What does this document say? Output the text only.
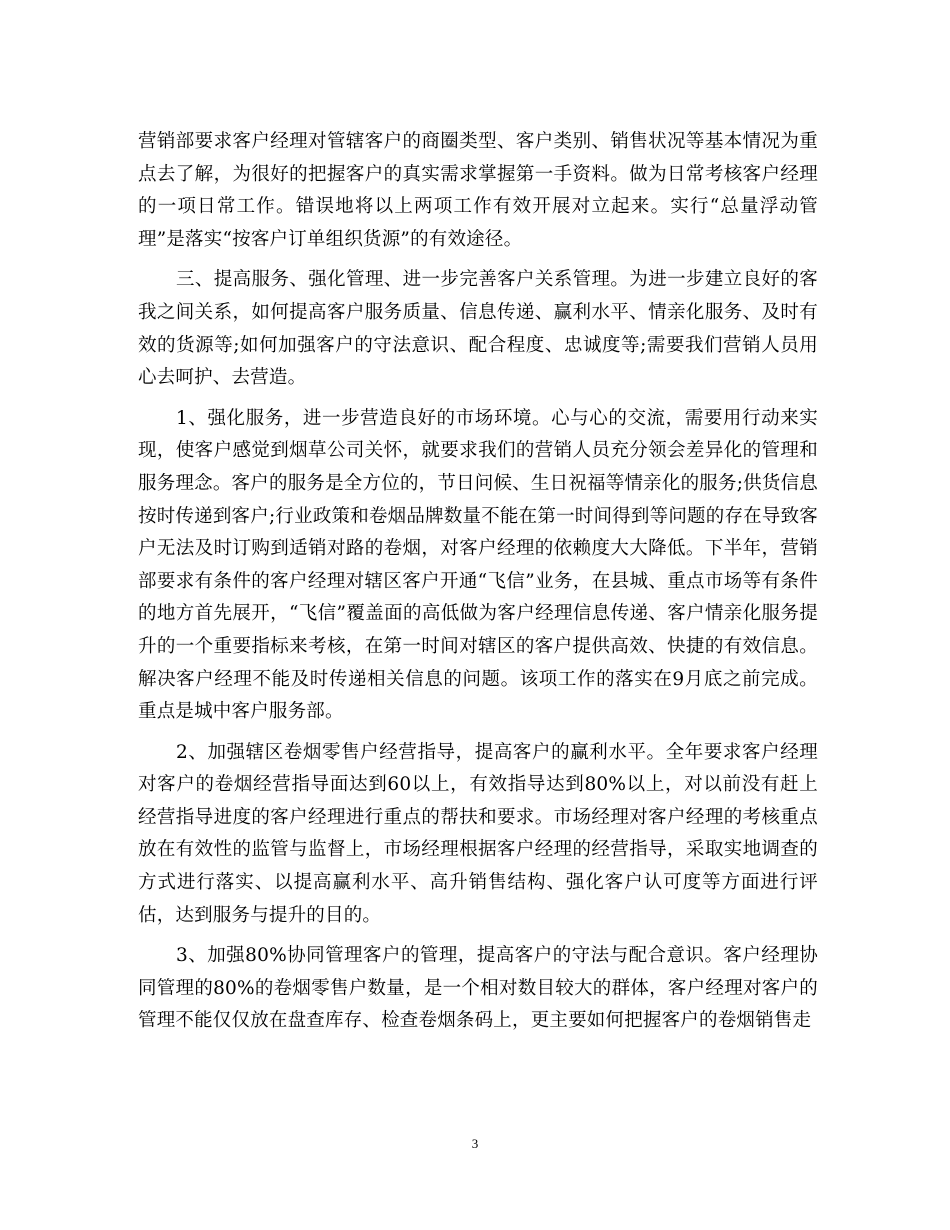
营销部要求客户经理对管辖客户的商圈类型、客户类别、销售状况等基本情况为重点去了解，为很好的把握客户的真实需求掌握第一手资料。做为日常考核客户经理的一项日常工作。错误地将以上两项工作有效开展对立起来。实行“总量浮动管理”是落实“按客户订单组织货源”的有效途径。

三、提高服务、强化管理、进一步完善客户关系管理。为进一步建立良好的客我之间关系，如何提高客户服务质量、信息传递、赢利水平、情亲化服务、及时有效的货源等;如何加强客户的守法意识、配合程度、忠诚度等;需要我们营销人员用心去呵护、去营造。

1、强化服务，进一步营造良好的市场环境。心与心的交流，需要用行动来实现，使客户感觉到烟草公司关怀，就要求我们的营销人员充分领会差异化的管理和服务理念。客户的服务是全方位的，节日问候、生日祝福等情亲化的服务;供货信息按时传递到客户;行业政策和卷烟品牌数量不能在第一时间得到等问题的存在导致客户无法及时订购到适销对路的卷烟，对客户经理的依赖度大大降低。下半年，营销部要求有条件的客户经理对辖区客户开通“飞信”业务，在县城、重点市场等有条件的地方首先展开，“飞信”覆盖面的高低做为客户经理信息传递、客户情亲化服务提升的一个重要指标来考核，在第一时间对辖区的客户提供高效、快捷的有效信息。解决客户经理不能及时传递相关信息的问题。该项工作的落实在9月底之前完成。重点是城中客户服务部。

2、加强辖区卷烟零售户经营指导，提高客户的赢利水平。全年要求客户经理对客户的卷烟经营指导面达到60以上，有效指导达到80%以上，对以前没有赶上经营指导进度的客户经理进行重点的帮扶和要求。市场经理对客户经理的考核重点放在有效性的监管与监督上，市场经理根据客户经理的经营指导，采取实地调查的方式进行落实、以提高赢利水平、高升销售结构、强化客户认可度等方面进行评估，达到服务与提升的目的。

3、加强80%协同管理客户的管理，提高客户的守法与配合意识。客户经理协同管理的80%的卷烟零售户数量，是一个相对数目较大的群体，客户经理对客户的管理不能仅仅放在盘查库存、检查卷烟条码上，更主要如何把握客户的卷烟销售走

3
